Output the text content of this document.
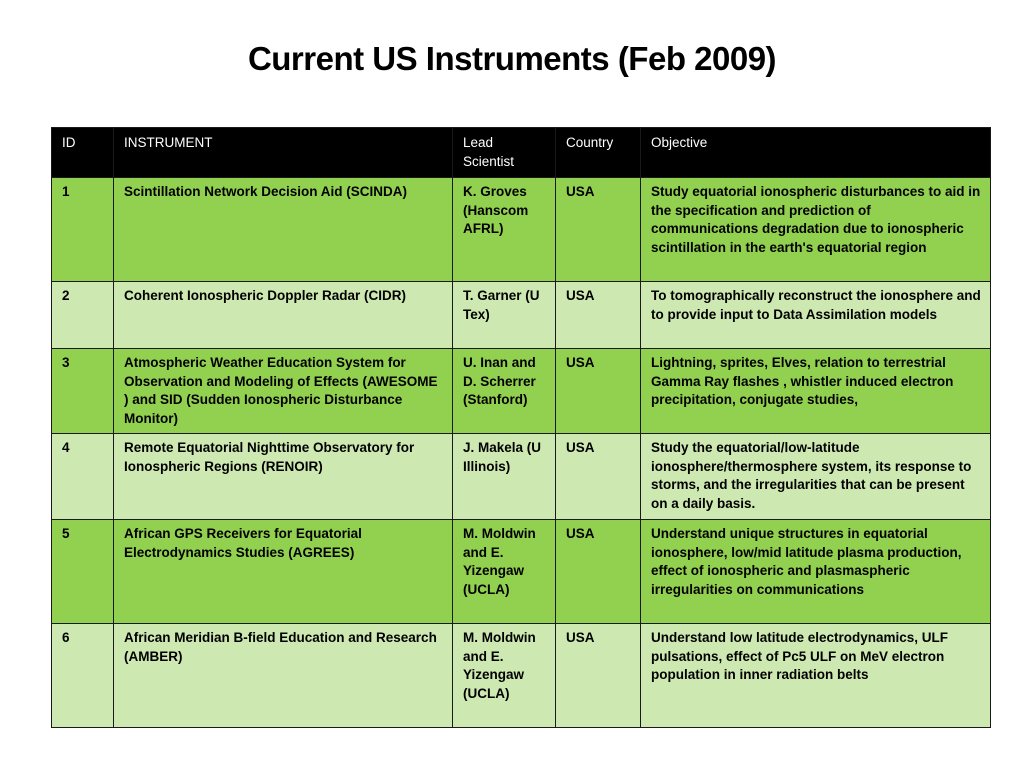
Current US Instruments (Feb 2009)
ID	INSTRUMENT	Lead Scientist	Country	Objective
1	Scintillation Network Decision Aid (SCINDA)	K. Groves (Hanscom AFRL)	USA	Study equatorial ionospheric disturbances to aid in the specification and prediction of communications degradation due to ionospheric scintillation in the earth's equatorial region
2	Coherent Ionospheric Doppler Radar (CIDR)	T. Garner (U Tex)	USA	To tomographically reconstruct the ionosphere and to provide input to Data Assimilation models
3	Atmospheric Weather Education System for Observation and Modeling of Effects (AWESOME ) and SID (Sudden Ionospheric Disturbance Monitor)	U. Inan and D. Scherrer (Stanford)	USA	Lightning, sprites, Elves, relation to terrestrial Gamma Ray flashes , whistler induced electron precipitation, conjugate studies,
4	Remote Equatorial Nighttime Observatory for Ionospheric Regions (RENOIR)	J. Makela (U Illinois)	USA	Study the equatorial/low-latitude ionosphere/thermosphere system, its response to storms, and the irregularities that can be present on a daily basis.
5	African GPS Receivers for Equatorial Electrodynamics Studies (AGREES)	M. Moldwin and E. Yizengaw (UCLA)	USA	Understand unique structures in equatorial ionosphere, low/mid latitude plasma production, effect of ionospheric and plasmaspheric irregularities on communications
6	African Meridian B-field Education and Research (AMBER)	M. Moldwin and E. Yizengaw (UCLA)	USA	Understand low latitude electrodynamics, ULF pulsations, effect of Pc5 ULF on MeV electron population in inner radiation belts
